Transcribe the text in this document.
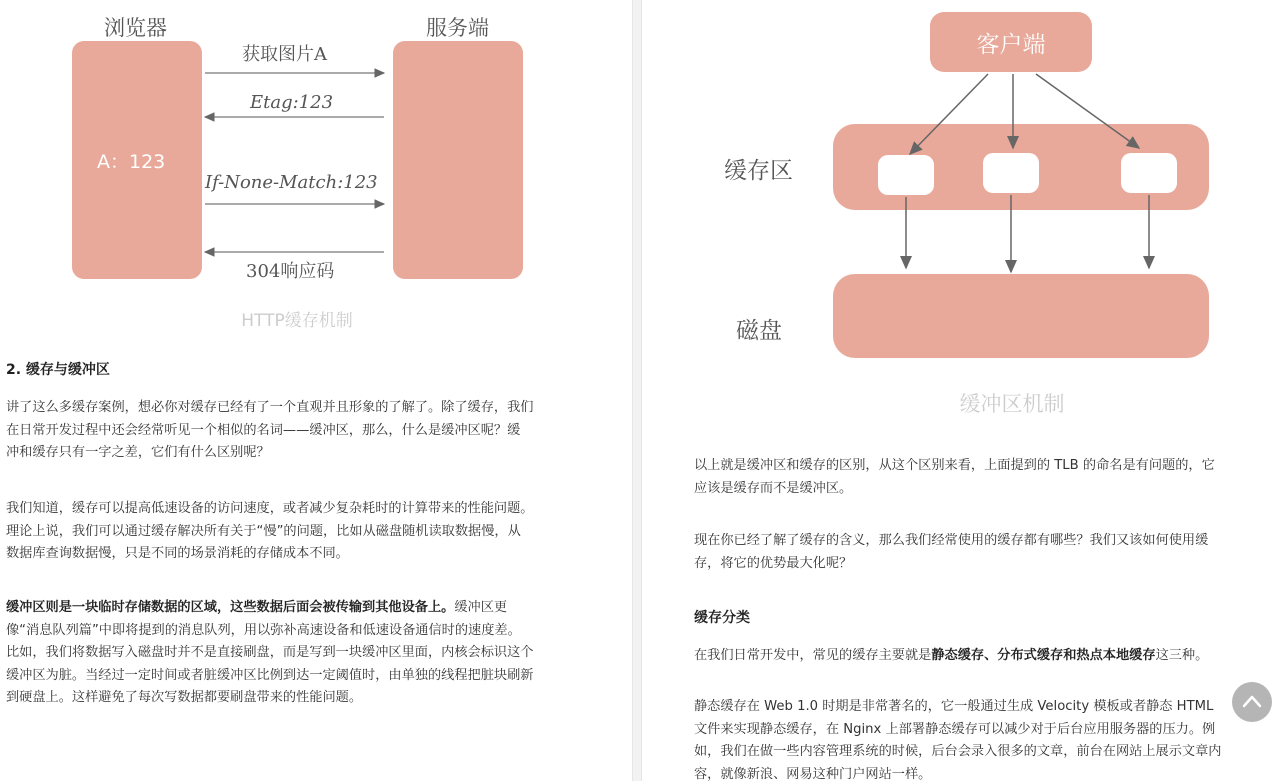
浏览器	服务端
A：123
获取图片A
Etag:123
If-None-Match:123
304响应码
HTTP缓存机制
2. 缓存与缓冲区
讲了这么多缓存案例，想必你对缓存已经有了一个直观并且形象的了解了。除了缓存，我们
在日常开发过程中还会经常听见一个相似的名词——缓冲区，那么，什么是缓冲区呢？缓
冲和缓存只有一字之差，它们有什么区别呢？
我们知道，缓存可以提高低速设备的访问速度，或者减少复杂耗时的计算带来的性能问题。
理论上说，我们可以通过缓存解决所有关于“慢”的问题，比如从磁盘随机读取数据慢，从
数据库查询数据慢，只是不同的场景消耗的存储成本不同。
缓冲区则是一块临时存储数据的区域，这些数据后面会被传输到其他设备上。缓冲区更
像“消息队列篇”中即将提到的消息队列，用以弥补高速设备和低速设备通信时的速度差。
比如，我们将数据写入磁盘时并不是直接刷盘，而是写到一块缓冲区里面，内核会标识这个
缓冲区为脏。当经过一定时间或者脏缓冲区比例到达一定阈值时，由单独的线程把脏块刷新
到硬盘上。这样避免了每次写数据都要刷盘带来的性能问题。
客户端
缓存区
磁盘
缓冲区机制
以上就是缓冲区和缓存的区别，从这个区别来看，上面提到的 TLB 的命名是有问题的，它
应该是缓存而不是缓冲区。
现在你已经了解了缓存的含义，那么我们经常使用的缓存都有哪些？我们又该如何使用缓
存，将它的优势最大化呢？
缓存分类
在我们日常开发中，常见的缓存主要就是静态缓存、分布式缓存和热点本地缓存这三种。
静态缓存在 Web 1.0 时期是非常著名的，它一般通过生成 Velocity 模板或者静态 HTML
文件来实现静态缓存，在 Nginx 上部署静态缓存可以减少对于后台应用服务器的压力。例
如，我们在做一些内容管理系统的时候，后台会录入很多的文章，前台在网站上展示文章内
容，就像新浪、网易这种门户网站一样。
